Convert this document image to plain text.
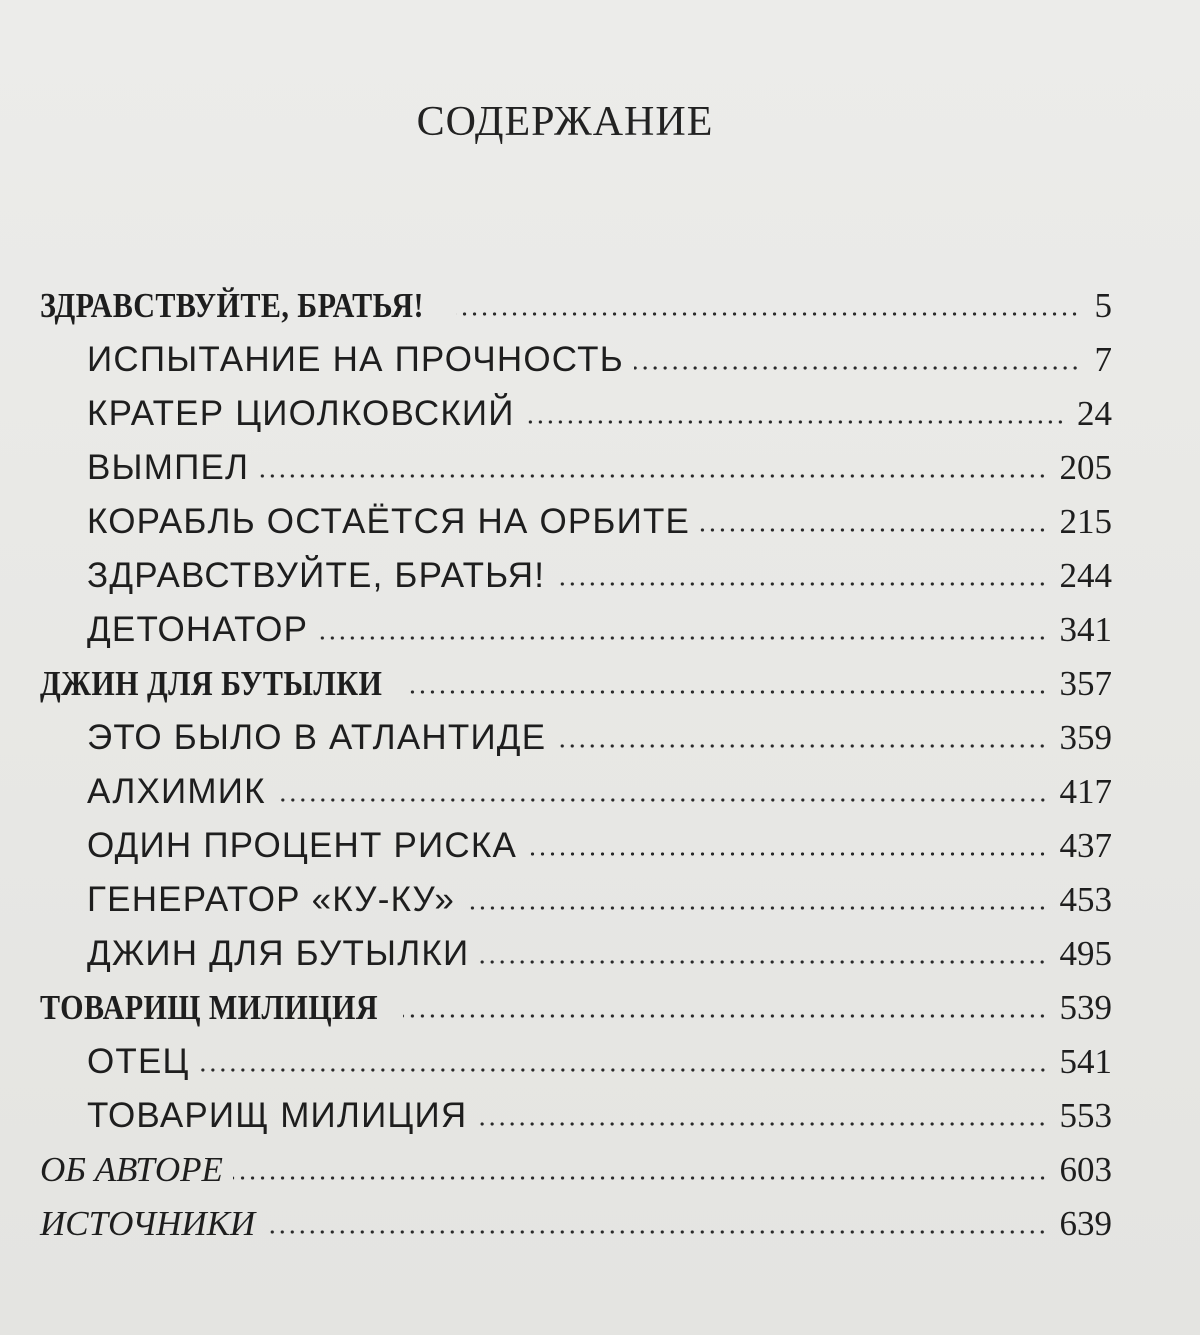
СОДЕРЖАНИЕ
ЗДРАВСТВУЙТЕ, БРАТЬЯ!	5
ИСПЫТАНИЕ НА ПРОЧНОСТЬ	7
КРАТЕР ЦИОЛКОВСКИЙ	24
ВЫМПЕЛ	205
КОРАБЛЬ ОСТАЁТСЯ НА ОРБИТЕ	215
ЗДРАВСТВУЙТЕ, БРАТЬЯ!	244
ДЕТОНАТОР	341
ДЖИН ДЛЯ БУТЫЛКИ	357
ЭТО БЫЛО В АТЛАНТИДЕ	359
АЛХИМИК	417
ОДИН ПРОЦЕНТ РИСКА	437
ГЕНЕРАТОР «КУ-КУ»	453
ДЖИН ДЛЯ БУТЫЛКИ	495
ТОВАРИЩ МИЛИЦИЯ	539
ОТЕЦ	541
ТОВАРИЩ МИЛИЦИЯ	553
ОБ АВТОРЕ	603
ИСТОЧНИКИ	639
